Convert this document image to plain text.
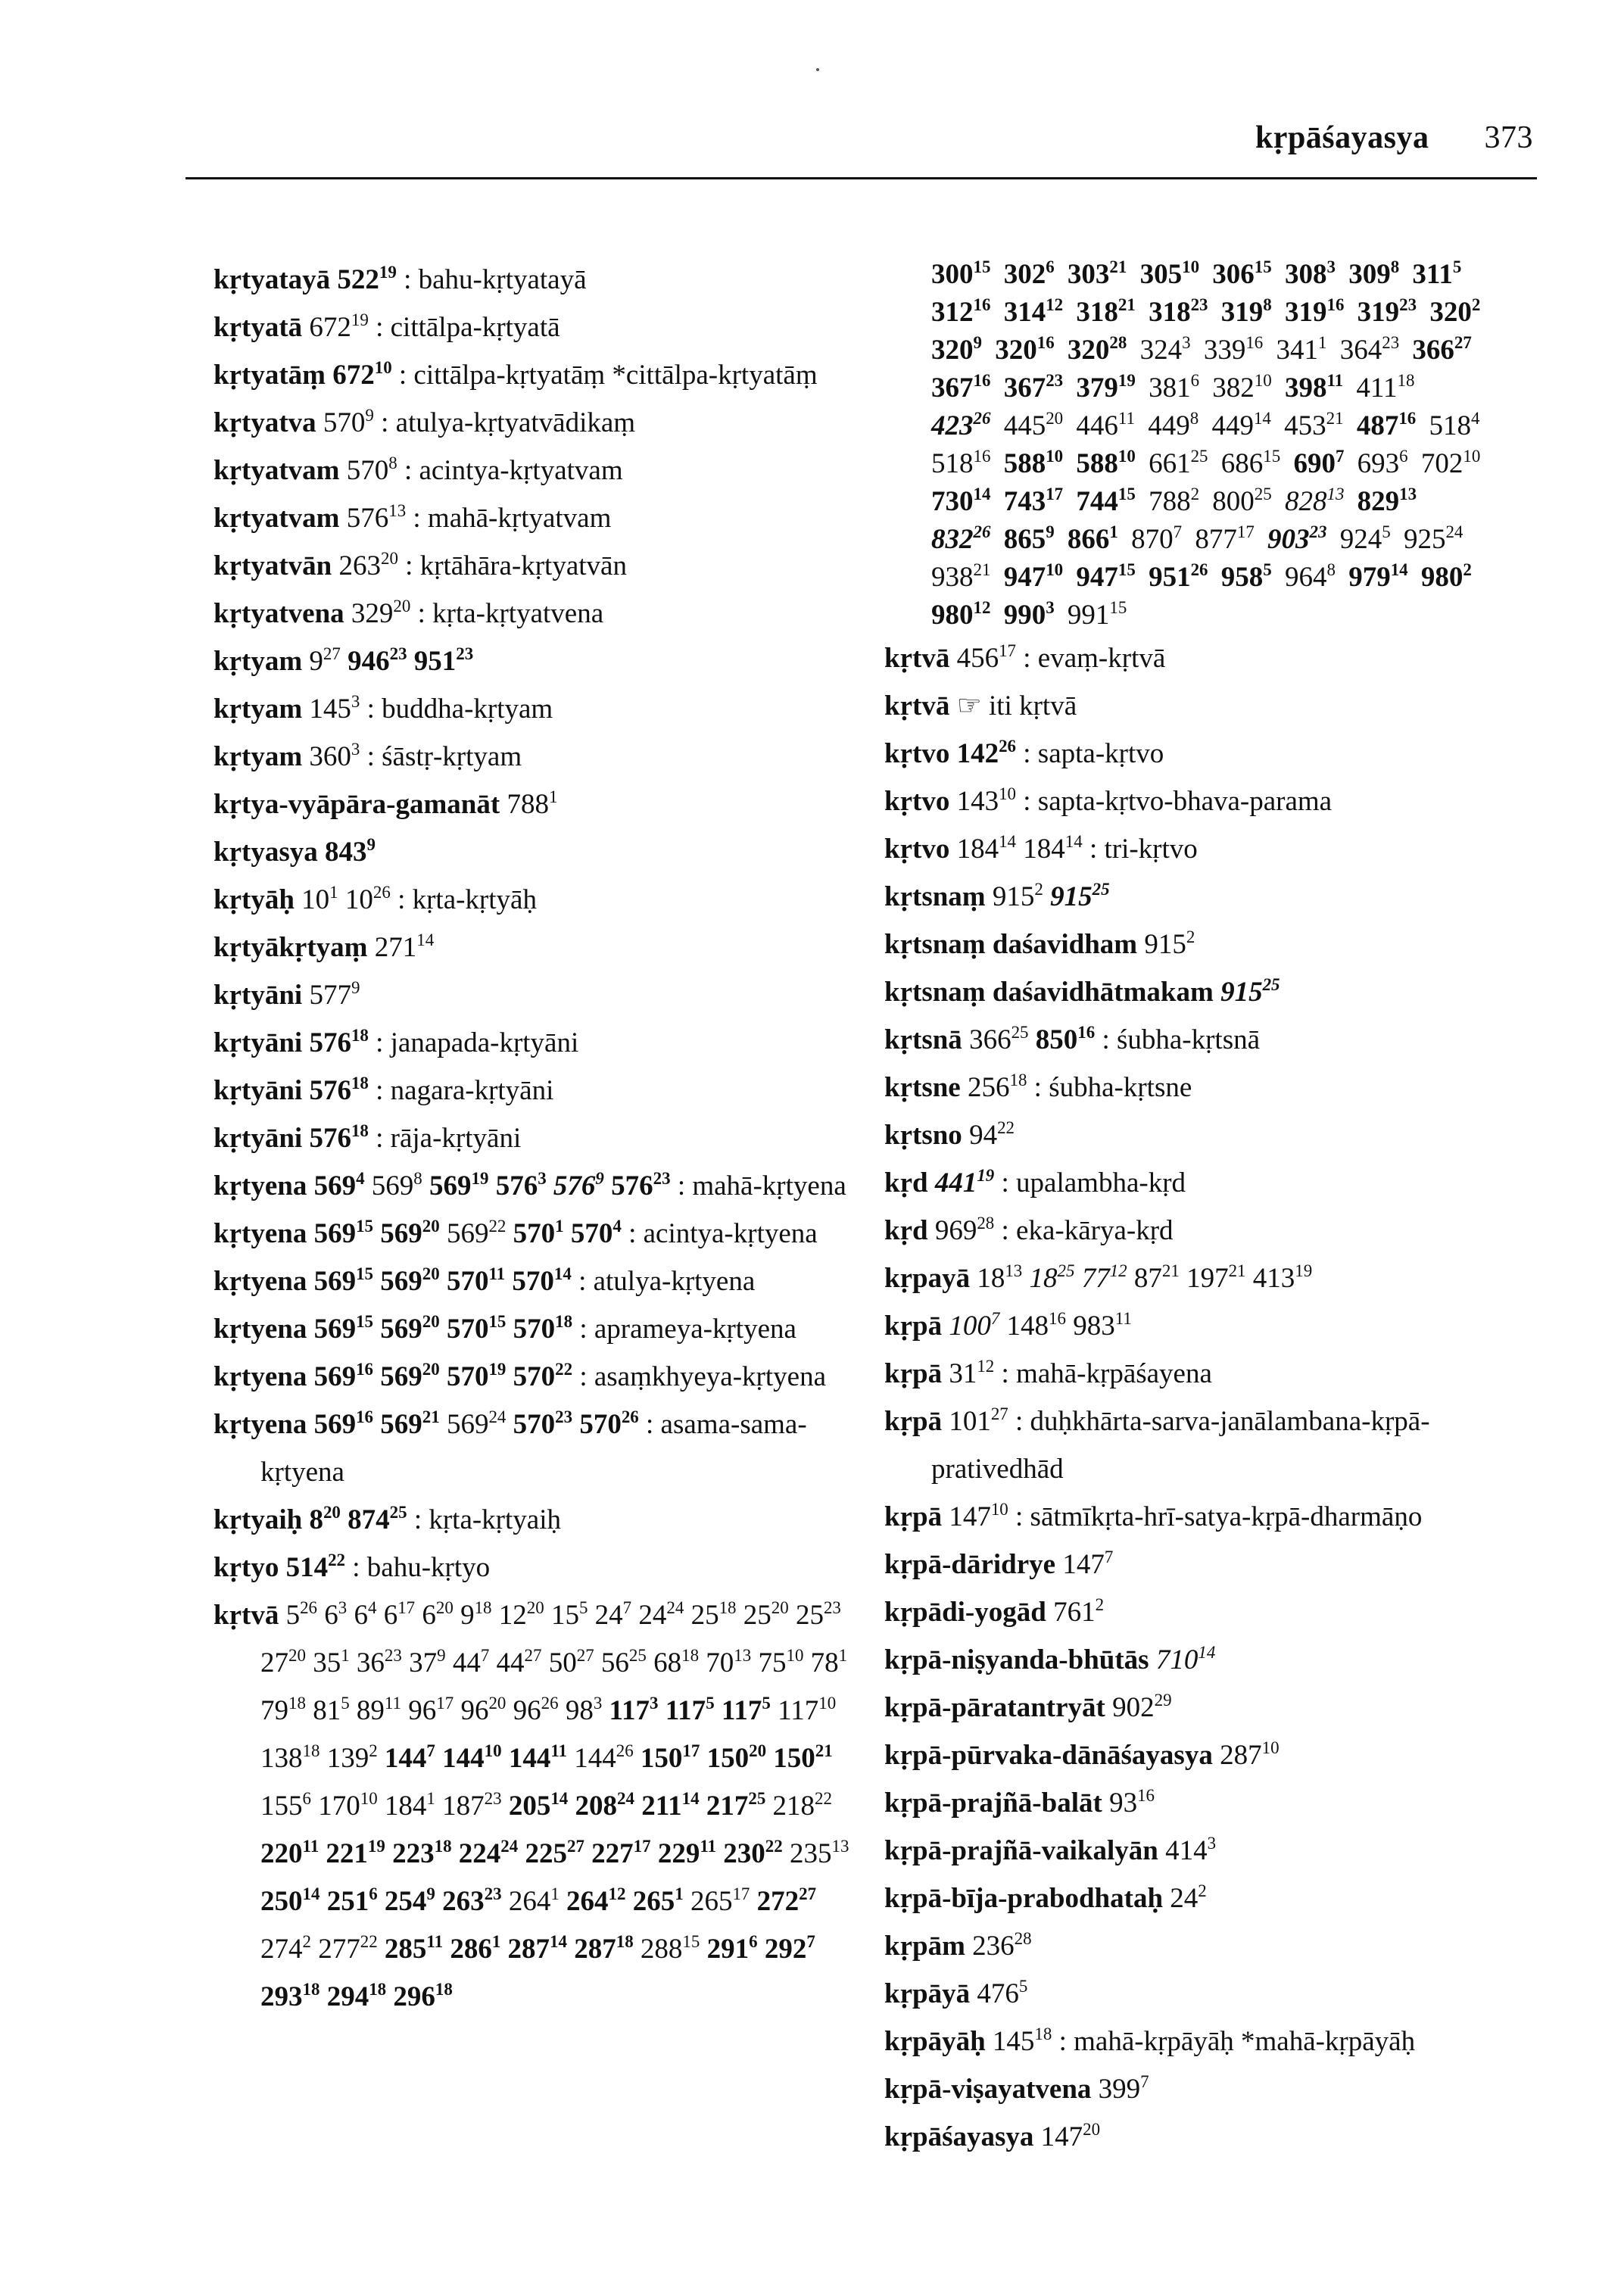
kṛpāśayasya 373
kṛtyatayā $522^{19}$ : bahu-kṛtyatayā
kṛtyatā $672^{19}$ : cittālpa-kṛtyatā
kṛtyatāṃ $672^{10}$ : cittālpa-kṛtyatāṃ *cittālpa-kṛtyatāṃ
kṛtyatva $570^9$ : atulya-kṛtyatvādikaṃ
kṛtyatvam $570^8$ : acintya-kṛtyatvam
kṛtyatvam $576^{13}$ : mahā-kṛtyatvam
kṛtyatvān $263^{20}$ : kṛtāhāra-kṛtyatvān
kṛtyatvena $329^{20}$ : kṛta-kṛtyatvena
kṛtyam $9^{27}$ $946^{23}$ $951^{23}$
kṛtyam $145^3$ : buddha-kṛtyam
kṛtyam $360^3$ : śāstṛ-kṛtyam
kṛtya-vyāpāra-gamanāt $788^1$
kṛtyasya $843^9$
kṛtyāḥ $10^1$ $10^{26}$ : kṛta-kṛtyāḥ
kṛtyākṛtyaṃ $271^{14}$
kṛtyāni $577^9$
kṛtyāni $576^{18}$ : janapada-kṛtyāni
kṛtyāni $576^{18}$ : nagara-kṛtyāni
kṛtyāni $576^{18}$ : rāja-kṛtyāni
kṛtyena $569^4$ $569^8$ $569^{19}$ $576^3$ $576^9$ $576^{23}$ : mahā-kṛtyena
kṛtyena $569^{15}$ $569^{20}$ $569^{22}$ $570^1$ $570^4$ : acintya-kṛtyena
kṛtyena $569^{15}$ $569^{20}$ $570^{11}$ $570^{14}$ : atulya-kṛtyena
kṛtyena $569^{15}$ $569^{20}$ $570^{15}$ $570^{18}$ : aprameya-kṛtyena
kṛtyena $569^{16}$ $569^{20}$ $570^{19}$ $570^{22}$ : asaṃkhyeya-kṛtyena
kṛtyena $569^{16}$ $569^{21}$ $569^{24}$ $570^{23}$ $570^{26}$ : asama-sama-kṛtyena
kṛtyaiḥ $8^{20}$ $874^{25}$ : kṛta-kṛtyaiḥ
kṛtyo $514^{22}$ : bahu-kṛtyo
kṛtvā $5^{26}$ $6^3$ $6^4$ $6^{17}$ $6^{20}$ $9^{18}$ $12^{20}$ $15^5$ $24^7$ $24^{24}$ $25^{18}$ $25^{20}$ $25^{23}$ $27^{20}$ $35^1$ $36^{23}$ $37^9$ $44^7$ $44^{27}$ $50^{27}$ $56^{25}$ $68^{18}$ $70^{13}$ $75^{10}$ $78^1$ $79^{18}$ $81^5$ $89^{11}$ $96^{17}$ $96^{20}$ $96^{26}$ $98^3$ $117^3$ $117^5$ $117^5$ $117^{10}$ $138^{18}$ $139^2$ $144^7$ $144^{10}$ $144^{11}$ $144^{26}$ $150^{17}$ $150^{20}$ $150^{21}$ $155^6$ $170^{10}$ $184^1$ $187^{23}$ $205^{14}$ $208^{24}$ $211^{14}$ $217^{25}$ $218^{22}$ $220^{11}$ $221^{19}$ $223^{18}$ $224^{24}$ $225^{27}$ $227^{17}$ $229^{11}$ $230^{22}$ $235^{13}$ $250^{14}$ $251^6$ $254^9$ $263^{23}$ $264^1$ $264^{12}$ $265^1$ $265^{17}$ $272^{27}$ $274^2$ $277^{22}$ $285^{11}$ $286^1$ $287^{14}$ $287^{18}$ $288^{15}$ $291^6$ $292^7$ $293^{18}$ $294^{18}$ $296^{18}$
$300^{15}$ $302^6$ $303^{21}$ $305^{10}$ $306^{15}$ $308^3$ $309^8$ $311^5$
$312^{16}$ $314^{12}$ $318^{21}$ $318^{23}$ $319^8$ $319^{16}$ $319^{23}$ $320^2$
$320^9$ $320^{16}$ $320^{28}$ $324^3$ $339^{16}$ $341^1$ $364^{23}$ $366^{27}$
$367^{16}$ $367^{23}$ $379^{19}$ $381^6$ $382^{10}$ $398^{11}$ $411^{18}$
$423^{26}$ $445^{20}$ $446^{11}$ $449^8$ $449^{14}$ $453^{21}$ $487^{16}$ $518^4$
$518^{16}$ $588^{10}$ $588^{10}$ $661^{25}$ $686^{15}$ $690^7$ $693^6$ $702^{10}$
$730^{14}$ $743^{17}$ $744^{15}$ $788^2$ $800^{25}$ $828^{13}$ $829^{13}$
$832^{26}$ $865^9$ $866^1$ $870^7$ $877^{17}$ $903^{23}$ $924^5$ $925^{24}$
$938^{21}$ $947^{10}$ $947^{15}$ $951^{26}$ $958^5$ $964^8$ $979^{14}$ $980^2$
$980^{12}$ $990^3$ $991^{15}$
kṛtvā $456^{17}$ : evaṃ-kṛtvā
kṛtvā ☞ iti kṛtvā
kṛtvo $142^{26}$ : sapta-kṛtvo
kṛtvo $143^{10}$ : sapta-kṛtvo-bhava-parama
kṛtvo $184^{14}$ $184^{14}$ : tri-kṛtvo
kṛtsnaṃ $915^2$ $915^{25}$
kṛtsnaṃ daśavidham $915^2$
kṛtsnaṃ daśavidhātmakam $915^{25}$
kṛtsnā $366^{25}$ $850^{16}$ : śubha-kṛtsnā
kṛtsne $256^{18}$ : śubha-kṛtsne
kṛtsno $94^{22}$
kṛd $441^{19}$ : upalambha-kṛd
kṛd $969^{28}$ : eka-kārya-kṛd
kṛpayā $18^{13}$ $18^{25}$ $77^{12}$ $87^{21}$ $197^{21}$ $413^{19}$
kṛpā $100^7$ $148^{16}$ $983^{11}$
kṛpā $31^{12}$ : mahā-kṛpāśayena
kṛpā $101^{27}$ : duḥkhārta-sarva-janālambana-kṛpā-prativedhād
kṛpā $147^{10}$ : sātmīkṛta-hrī-satya-kṛpā-dharmāṇo
kṛpā-dāridrye $147^7$
kṛpādi-yogād $761^2$
kṛpā-niṣyanda-bhūtās $710^{14}$
kṛpā-pāratantryāt $902^{29}$
kṛpā-pūrvaka-dānāśayasya $287^{10}$
kṛpā-prajñā-balāt $93^{16}$
kṛpā-prajñā-vaikalyān $414^3$
kṛpā-bīja-prabodhataḥ $24^2$
kṛpām $236^{28}$
kṛpāyā $476^5$
kṛpāyāḥ $145^{18}$ : mahā-kṛpāyāḥ *mahā-kṛpāyāḥ
kṛpā-viṣayatvena $399^7$
kṛpāśayasya $147^{20}$
